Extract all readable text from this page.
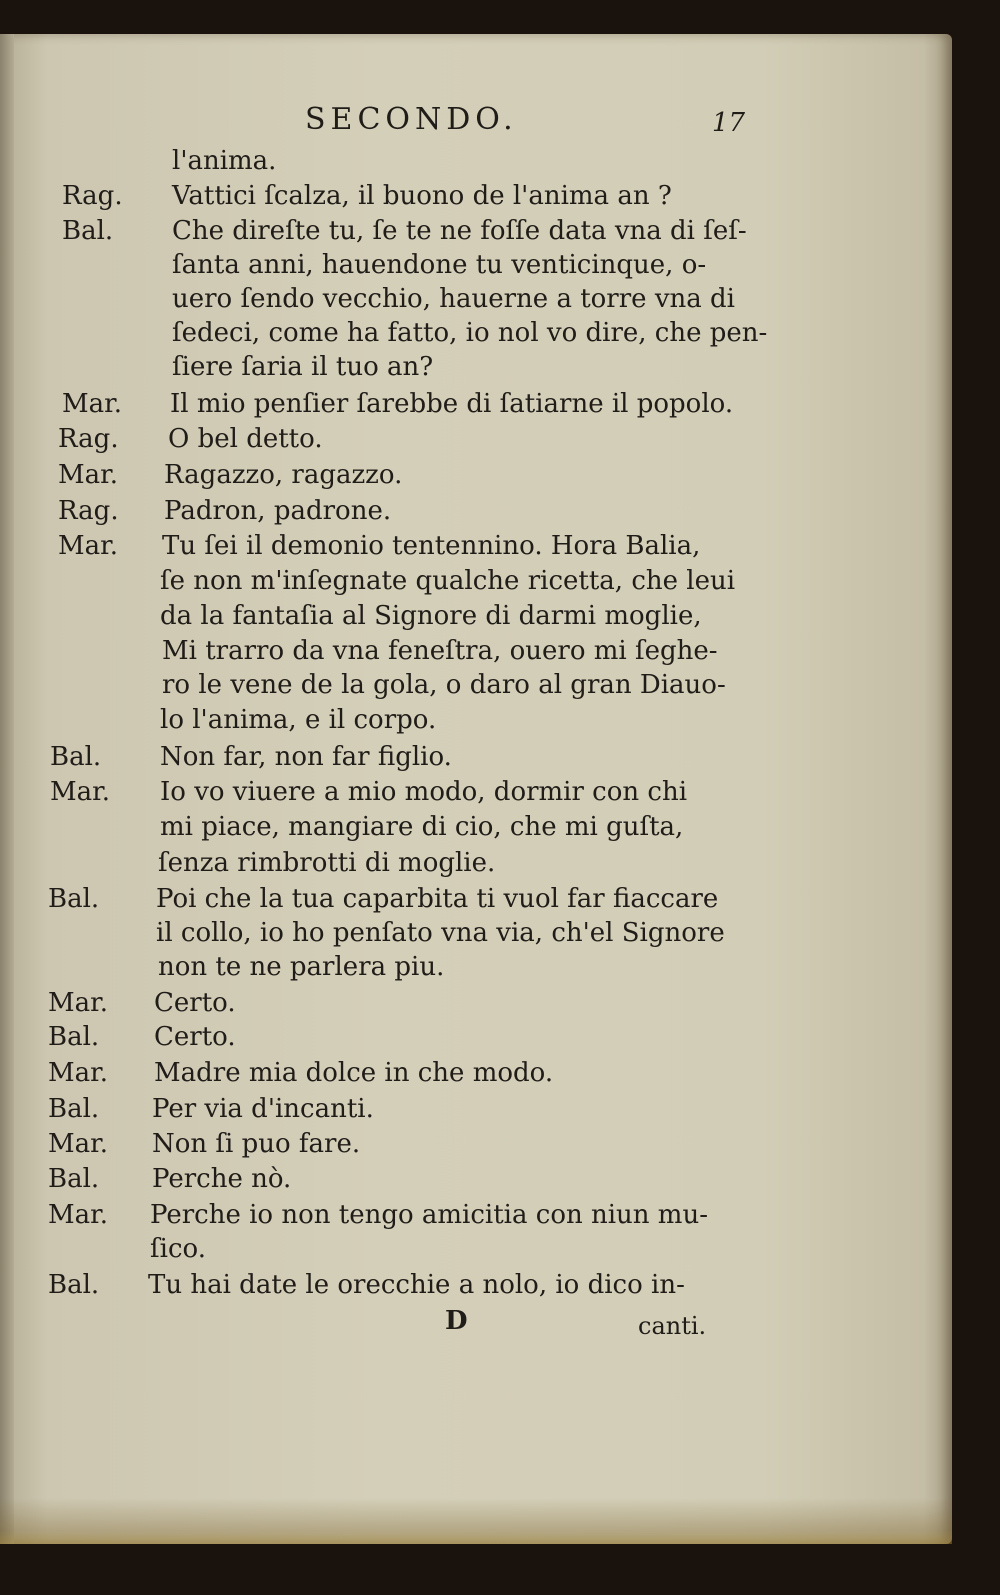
SECONDO.	17
l'anima.
Rag. Vattici ſcalza, il buono de l'anima an ?
Bal. Che direſte tu, ſe te ne foſſe data vna di ſeſ-
ſanta anni, hauendone tu venticinque, o-
uero ſendo vecchio, hauerne a torre vna di
ſedeci, come ha fatto, io nol vo dire, che pen-
ſiere ſaria il tuo an?
Mar. Il mio penſier ſarebbe di ſatiarne il popolo.
Rag. O bel detto.
Mar. Ragazzo, ragazzo.
Rag. Padron, padrone.
Mar. Tu ſei il demonio tentennino. Hora Balia,
ſe non m'inſegnate qualche ricetta, che leui
da la fantaſia al Signore di darmi moglie,
Mi trarro da vna feneſtra, ouero mi ſeghe-
ro le vene de la gola, o daro al gran Diauo-
lo l'anima, e il corpo.
Bal. Non far, non far figlio.
Mar. Io vo viuere a mio modo, dormir con chi
mi piace, mangiare di cio, che mi guſta,
ſenza rimbrotti di moglie.
Bal. Poi che la tua caparbita ti vuol far fiaccare
il collo, io ho penſato vna via, ch'el Signore
non te ne parlera piu.
Mar. Certo.
Bal. Certo.
Mar. Madre mia dolce in che modo.
Bal. Per via d'incanti.
Mar. Non ſi puo fare.
Bal. Perche nò.
Mar. Perche io non tengo amicitia con niun mu-
ſico.
Bal. Tu hai date le orecchie a nolo, io dico in-
D	canti.
